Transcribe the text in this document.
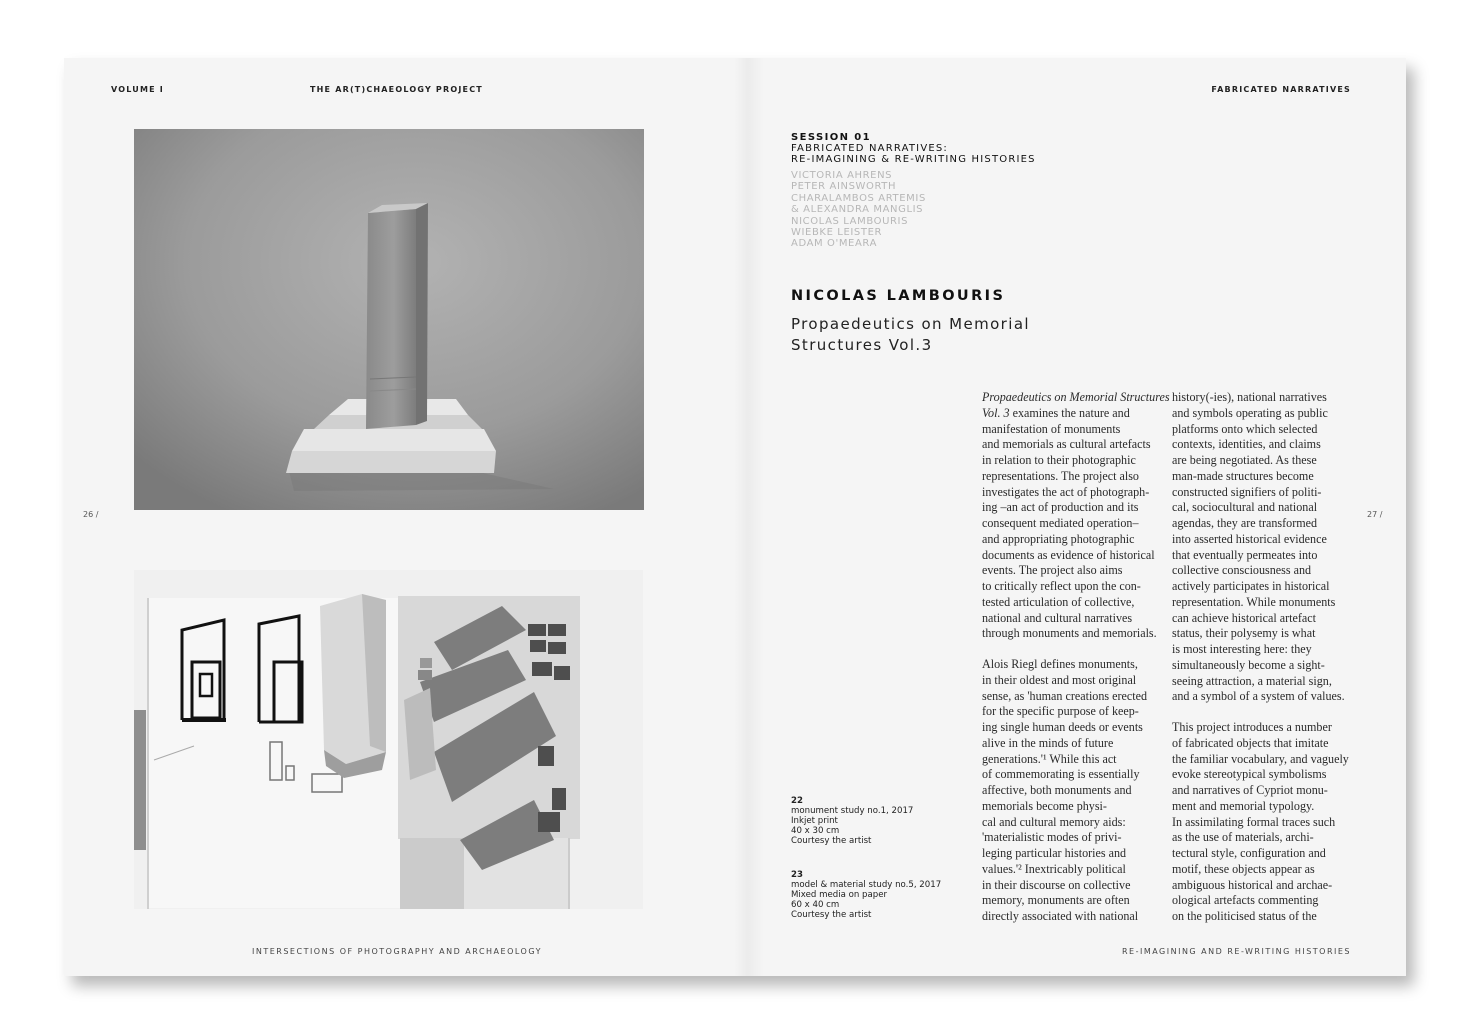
VOLUME I	THE AR(T)CHAEOLOGY PROJECT	FABRICATED NARRATIVES
26 /	27 /
22
monument study no.1, 2017
Inkjet print
40 x 30 cm
Courtesy the artist
23
model & material study no.5, 2017
Mixed media on paper
60 x 40 cm
Courtesy the artist
SESSION 01
FABRICATED NARRATIVES:
RE-IMAGINING & RE-WRITING HISTORIES
VICTORIA AHRENS
PETER AINSWORTH
CHARALAMBOS ARTEMIS
& ALEXANDRA MANGLIS
NICOLAS LAMBOURIS
WIEBKE LEISTER
ADAM O'MEARA
NICOLAS LAMBOURIS
Propaedeutics on Memorial
Structures Vol.3
Propaedeutics on Memorial Structures
Vol. 3 examines the nature and
manifestation of monuments
and memorials as cultural artefacts
in relation to their photographic
representations. The project also
investigates the act of photograph-
ing –an act of production and its
consequent mediated operation–
and appropriating photographic
documents as evidence of historical
events. The project also aims
to critically reflect upon the con-
tested articulation of collective,
national and cultural narratives
through monuments and memorials.
Alois Riegl defines monuments,
in their oldest and most original
sense, as 'human creations erected
for the specific purpose of keep-
ing single human deeds or events
alive in the minds of future
generations.'¹ While this act
of commemorating is essentially
affective, both monuments and
memorials become physi-
cal and cultural memory aids:
'materialistic modes of privi-
leging particular histories and
values.'² Inextricably political
in their discourse on collective
memory, monuments are often
directly associated with national
history(-ies), national narratives
and symbols operating as public
platforms onto which selected
contexts, identities, and claims
are being negotiated. As these
man-made structures become
constructed signifiers of politi-
cal, sociocultural and national
agendas, they are transformed
into asserted historical evidence
that eventually permeates into
collective consciousness and
actively participates in historical
representation. While monuments
can achieve historical artefact
status, their polysemy is what
is most interesting here: they
simultaneously become a sight-
seeing attraction, a material sign,
and a symbol of a system of values.
This project introduces a number
of fabricated objects that imitate
the familiar vocabulary, and vaguely
evoke stereotypical symbolisms
and narratives of Cypriot monu-
ment and memorial typology.
In assimilating formal traces such
as the use of materials, archi-
tectural style, configuration and
motif, these objects appear as
ambiguous historical and archae-
ological artefacts commenting
on the politicised status of the
INTERSECTIONS OF PHOTOGRAPHY AND ARCHAEOLOGY	RE-IMAGINING AND RE-WRITING HISTORIES
